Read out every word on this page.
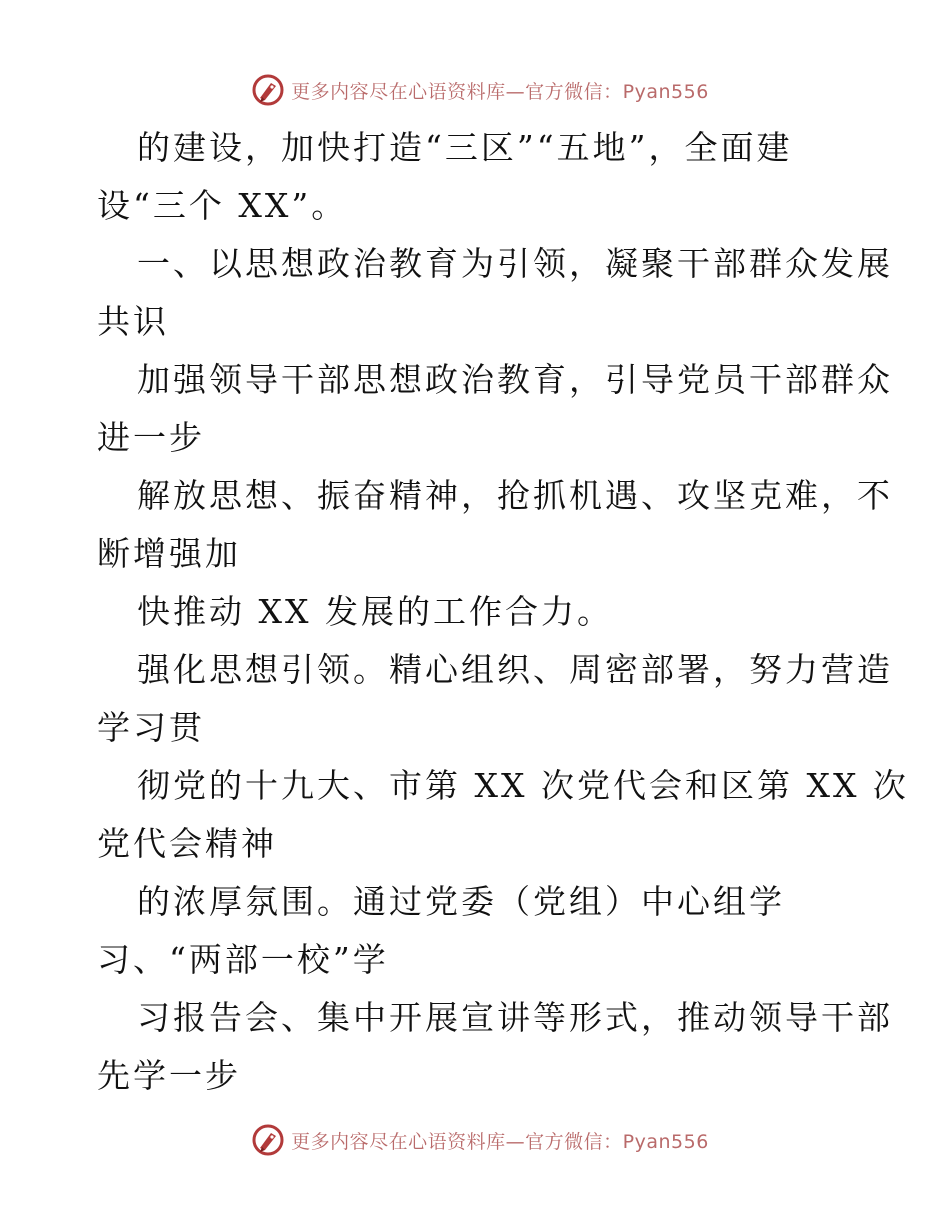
更多内容尽在心语资料库—官方微信：Pyan556
的建设，加快打造“三区”“五地”，全面建
设“三个 XX”。
一、以思想政治教育为引领，凝聚干部群众发展
共识
加强领导干部思想政治教育，引导党员干部群众
进一步
解放思想、振奋精神，抢抓机遇、攻坚克难，不
断增强加
快推动 XX 发展的工作合力。
强化思想引领。精心组织、周密部署，努力营造
学习贯
彻党的十九大、市第 XX 次党代会和区第 XX 次
党代会精神
的浓厚氛围。通过党委（党组）中心组学
习、“两部一校”学
习报告会、集中开展宣讲等形式，推动领导干部
先学一步
更多内容尽在心语资料库—官方微信：Pyan556
